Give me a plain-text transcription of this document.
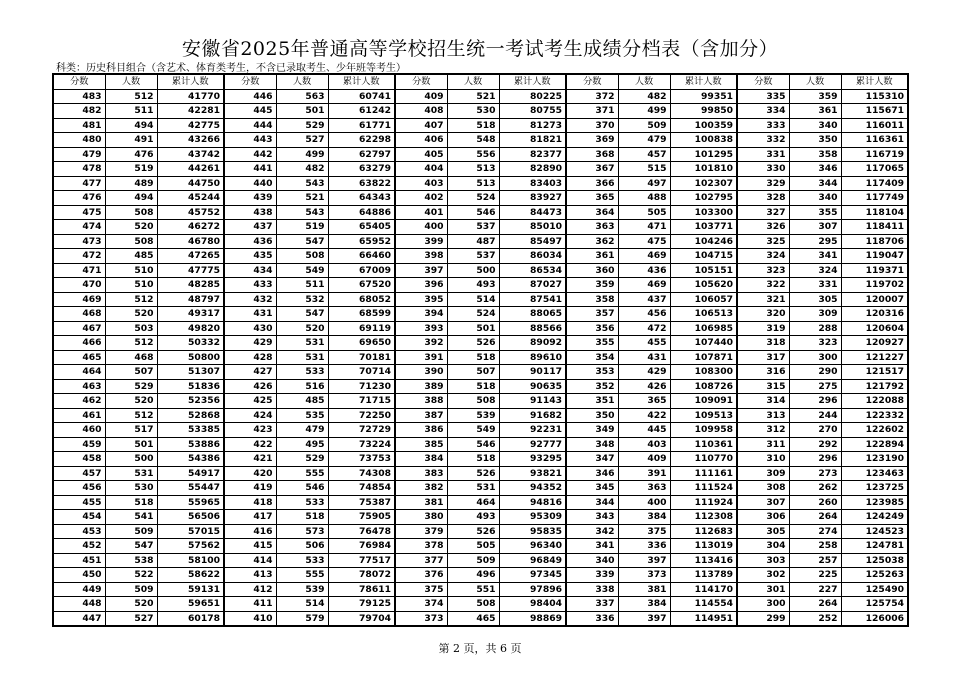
安徽省2025年普通高等学校招生统一考试考生成绩分档表（含加分）
科类：历史科目组合（含艺术、体育类考生，不含已录取考生、少年班等考生）
分数	人数	累计人数	分数	人数	累计人数	分数	人数	累计人数	分数	人数	累计人数	分数	人数	累计人数
483	512	41770	446	563	60741	409	521	80225	372	482	99351	335	359	115310
482	511	42281	445	501	61242	408	530	80755	371	499	99850	334	361	115671
481	494	42775	444	529	61771	407	518	81273	370	509	100359	333	340	116011
480	491	43266	443	527	62298	406	548	81821	369	479	100838	332	350	116361
479	476	43742	442	499	62797	405	556	82377	368	457	101295	331	358	116719
478	519	44261	441	482	63279	404	513	82890	367	515	101810	330	346	117065
477	489	44750	440	543	63822	403	513	83403	366	497	102307	329	344	117409
476	494	45244	439	521	64343	402	524	83927	365	488	102795	328	340	117749
475	508	45752	438	543	64886	401	546	84473	364	505	103300	327	355	118104
474	520	46272	437	519	65405	400	537	85010	363	471	103771	326	307	118411
473	508	46780	436	547	65952	399	487	85497	362	475	104246	325	295	118706
472	485	47265	435	508	66460	398	537	86034	361	469	104715	324	341	119047
471	510	47775	434	549	67009	397	500	86534	360	436	105151	323	324	119371
470	510	48285	433	511	67520	396	493	87027	359	469	105620	322	331	119702
469	512	48797	432	532	68052	395	514	87541	358	437	106057	321	305	120007
468	520	49317	431	547	68599	394	524	88065	357	456	106513	320	309	120316
467	503	49820	430	520	69119	393	501	88566	356	472	106985	319	288	120604
466	512	50332	429	531	69650	392	526	89092	355	455	107440	318	323	120927
465	468	50800	428	531	70181	391	518	89610	354	431	107871	317	300	121227
464	507	51307	427	533	70714	390	507	90117	353	429	108300	316	290	121517
463	529	51836	426	516	71230	389	518	90635	352	426	108726	315	275	121792
462	520	52356	425	485	71715	388	508	91143	351	365	109091	314	296	122088
461	512	52868	424	535	72250	387	539	91682	350	422	109513	313	244	122332
460	517	53385	423	479	72729	386	549	92231	349	445	109958	312	270	122602
459	501	53886	422	495	73224	385	546	92777	348	403	110361	311	292	122894
458	500	54386	421	529	73753	384	518	93295	347	409	110770	310	296	123190
457	531	54917	420	555	74308	383	526	93821	346	391	111161	309	273	123463
456	530	55447	419	546	74854	382	531	94352	345	363	111524	308	262	123725
455	518	55965	418	533	75387	381	464	94816	344	400	111924	307	260	123985
454	541	56506	417	518	75905	380	493	95309	343	384	112308	306	264	124249
453	509	57015	416	573	76478	379	526	95835	342	375	112683	305	274	124523
452	547	57562	415	506	76984	378	505	96340	341	336	113019	304	258	124781
451	538	58100	414	533	77517	377	509	96849	340	397	113416	303	257	125038
450	522	58622	413	555	78072	376	496	97345	339	373	113789	302	225	125263
449	509	59131	412	539	78611	375	551	97896	338	381	114170	301	227	125490
448	520	59651	411	514	79125	374	508	98404	337	384	114554	300	264	125754
447	527	60178	410	579	79704	373	465	98869	336	397	114951	299	252	126006
第 2 页，共 6 页
